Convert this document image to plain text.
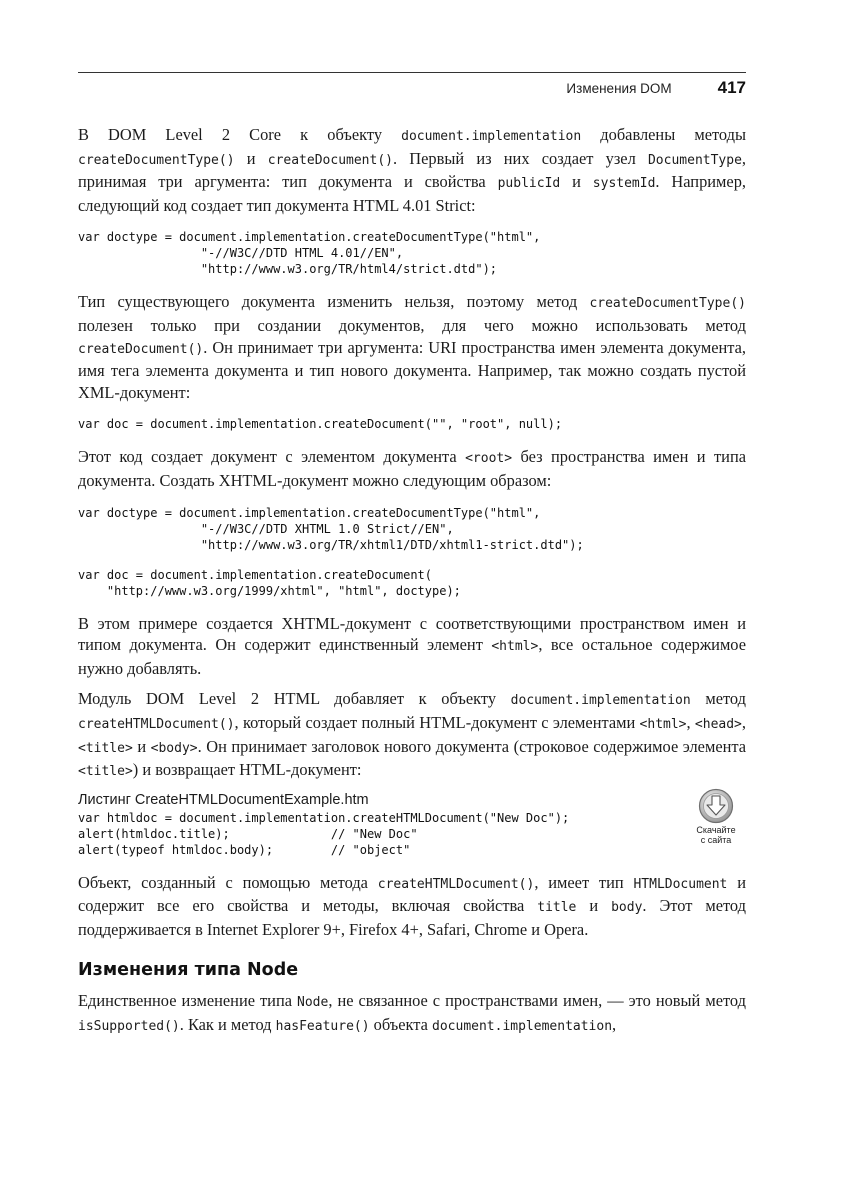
Изменения DOM	417

В DOM Level 2 Core к объекту document.implementation добавлены методы createDocumentType() и createDocument(). Первый из них создает узел DocumentType, принимая три аргумента: тип документа и свойства publicId и systemId. Например, следующий код создает тип документа HTML 4.01 Strict:

var doctype = document.implementation.createDocumentType("html",
"-//W3C//DTD HTML 4.01//EN",
"http://www.w3.org/TR/html4/strict.dtd");

Тип существующего документа изменить нельзя, поэтому метод createDocumentType() полезен только при создании документов, для чего можно использовать метод createDocument(). Он принимает три аргумента: URI пространства имен элемента документа, имя тега элемента документа и тип нового документа. Например, так можно создать пустой XML-документ:

var doc = document.implementation.createDocument("", "root", null);

Этот код создает документ с элементом документа <root> без пространства имен и типа документа. Создать XHTML-документ можно следующим образом:

var doctype = document.implementation.createDocumentType("html",
"-//W3C//DTD XHTML 1.0 Strict//EN",
"http://www.w3.org/TR/xhtml1/DTD/xhtml1-strict.dtd");
var doc = document.implementation.createDocument(
"http://www.w3.org/1999/xhtml", "html", doctype);

В этом примере создается XHTML-документ с соответствующими пространством имен и типом документа. Он содержит единственный элемент <html>, все остальное содержимое нужно добавлять.

Модуль DOM Level 2 HTML добавляет к объекту document.implementation метод createHTMLDocument(), который создает полный HTML-документ с элементами <html>, <head>, <title> и <body>. Он принимает заголовок нового документа (строковое содержимое элемента <title>) и возвращает HTML-документ:

Листинг CreateHTMLDocumentExample.htm
var htmldoc = document.implementation.createHTMLDocument("New Doc");
alert(htmldoc.title);              // "New Doc"
alert(typeof htmldoc.body);        // "object"
Скачайте
с сайта

Объект, созданный с помощью метода createHTMLDocument(), имеет тип HTMLDocument и содержит все его свойства и методы, включая свойства title и body. Этот метод поддерживается в Internet Explorer 9+, Firefox 4+, Safari, Chrome и Opera.

Изменения типа Node

Единственное изменение типа Node, не связанное с пространствами имен, — это новый метод isSupported(). Как и метод hasFeature() объекта document.implementation,
